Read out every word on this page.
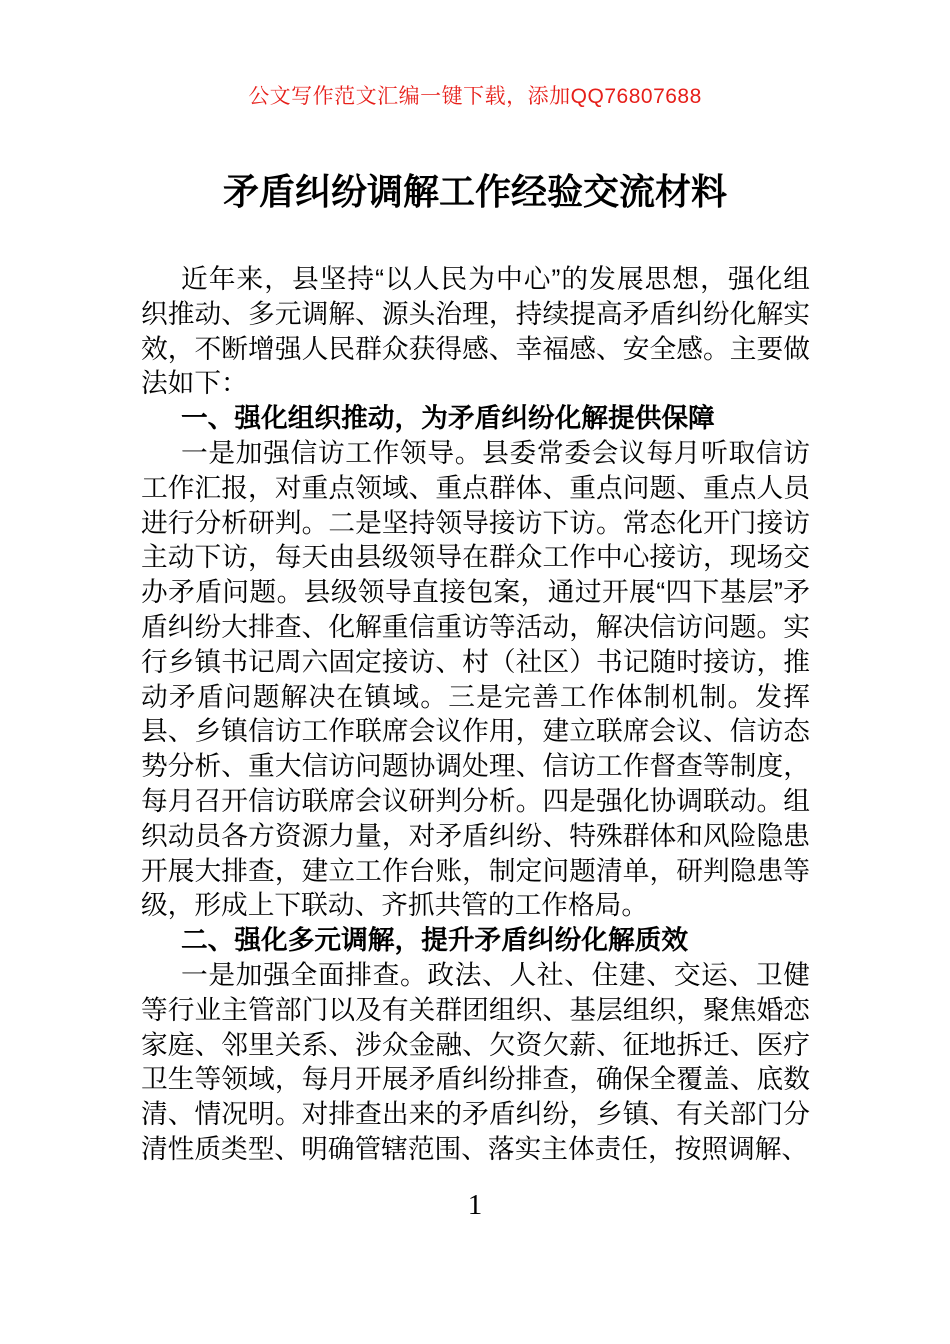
公文写作范文汇编一键下载，添加QQ76807688
矛盾纠纷调解工作经验交流材料

近年来，县坚持“以人民为中心”的发展思想，强化组织推动、多元调解、源头治理，持续提高矛盾纠纷化解实效，不断增强人民群众获得感、幸福感、安全感。主要做法如下：

一、强化组织推动，为矛盾纠纷化解提供保障

一是加强信访工作领导。县委常委会议每月听取信访工作汇报，对重点领域、重点群体、重点问题、重点人员进行分析研判。二是坚持领导接访下访。常态化开门接访主动下访，每天由县级领导在群众工作中心接访，现场交办矛盾问题。县级领导直接包案，通过开展“四下基层”矛盾纠纷大排查、化解重信重访等活动，解决信访问题。实行乡镇书记周六固定接访、村（社区）书记随时接访，推动矛盾问题解决在镇域。三是完善工作体制机制。发挥县、乡镇信访工作联席会议作用，建立联席会议、信访态势分析、重大信访问题协调处理、信访工作督查等制度，每月召开信访联席会议研判分析。四是强化协调联动。组织动员各方资源力量，对矛盾纠纷、特殊群体和风险隐患开展大排查，建立工作台账，制定问题清单，研判隐患等级，形成上下联动、齐抓共管的工作格局。

二、强化多元调解，提升矛盾纠纷化解质效

一是加强全面排查。政法、人社、住建、交运、卫健等行业主管部门以及有关群团组织、基层组织，聚焦婚恋家庭、邻里关系、涉众金融、欠资欠薪、征地拆迁、医疗卫生等领域，每月开展矛盾纠纷排查，确保全覆盖、底数清、情况明。对排查出来的矛盾纠纷，乡镇、有关部门分清性质类型、明确管辖范围、落实主体责任，按照调解、

1
